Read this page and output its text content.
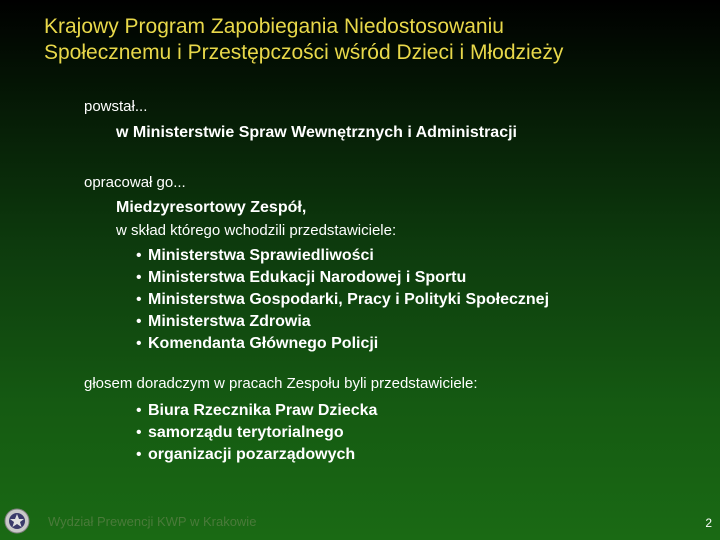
Krajowy Program Zapobiegania Niedostosowaniu
Społecznemu i Przestępczości wśród Dzieci i Młodzieży
powstał...
w Ministerstwie Spraw Wewnętrznych i Administracji
opracował go...
Miedzyresortowy Zespół,
w skład którego wchodzili przedstawiciele:
• Ministerstwa Sprawiedliwości
• Ministerstwa Edukacji Narodowej i Sportu
• Ministerstwa Gospodarki, Pracy i Polityki Społecznej
• Ministerstwa Zdrowia
• Komendanta Głównego Policji
głosem doradczym w pracach Zespołu byli przedstawiciele:
• Biura Rzecznika Praw Dziecka
• samorządu terytorialnego
• organizacji pozarządowych
Wydział Prewencji KWP w Krakowie	2
